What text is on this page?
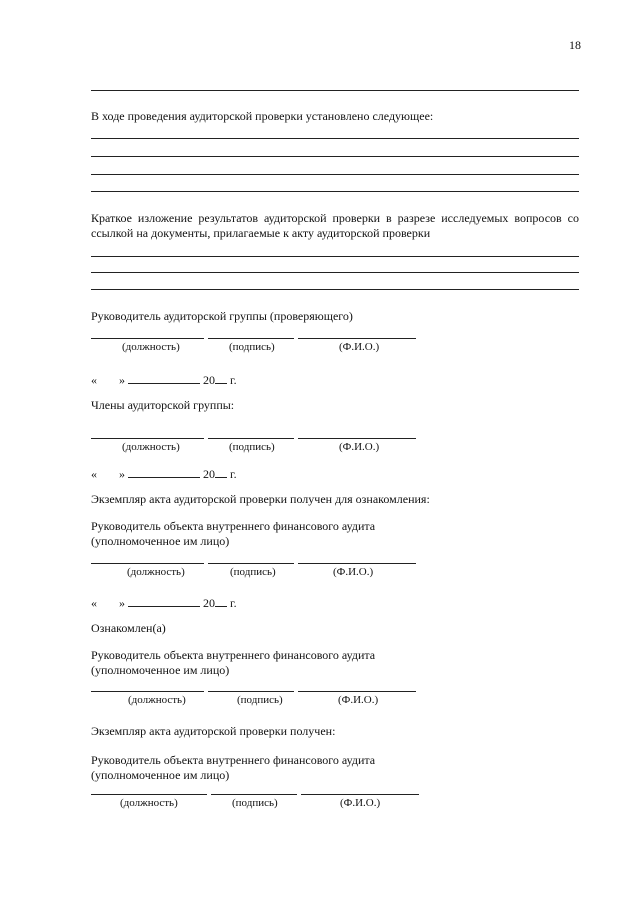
18
В ходе проведения аудиторской проверки установлено следующее:
Краткое изложение результатов аудиторской проверки в разрезе исследуемых вопросов со ссылкой на документы, прилагаемые к акту аудиторской проверки
Руководитель аудиторской группы (проверяющего)
(должность)	(подпись)	(Ф.И.О.)
« »	20 г.
Члены аудиторской группы:
(должность)	(подпись)	(Ф.И.О.)
« »	20 г.
Экземпляр акта аудиторской проверки получен для ознакомления:
Руководитель объекта внутреннего финансового аудита
(уполномоченное им лицо)
(должность)	(подпись)	(Ф.И.О.)
« »	20 г.
Ознакомлен(а)
Руководитель объекта внутреннего финансового аудита
(уполномоченное им лицо)
(должность)	(подпись)	(Ф.И.О.)
Экземпляр акта аудиторской проверки получен:
Руководитель объекта внутреннего финансового аудита
(уполномоченное им лицо)
(должность)	(подпись)	(Ф.И.О.)
